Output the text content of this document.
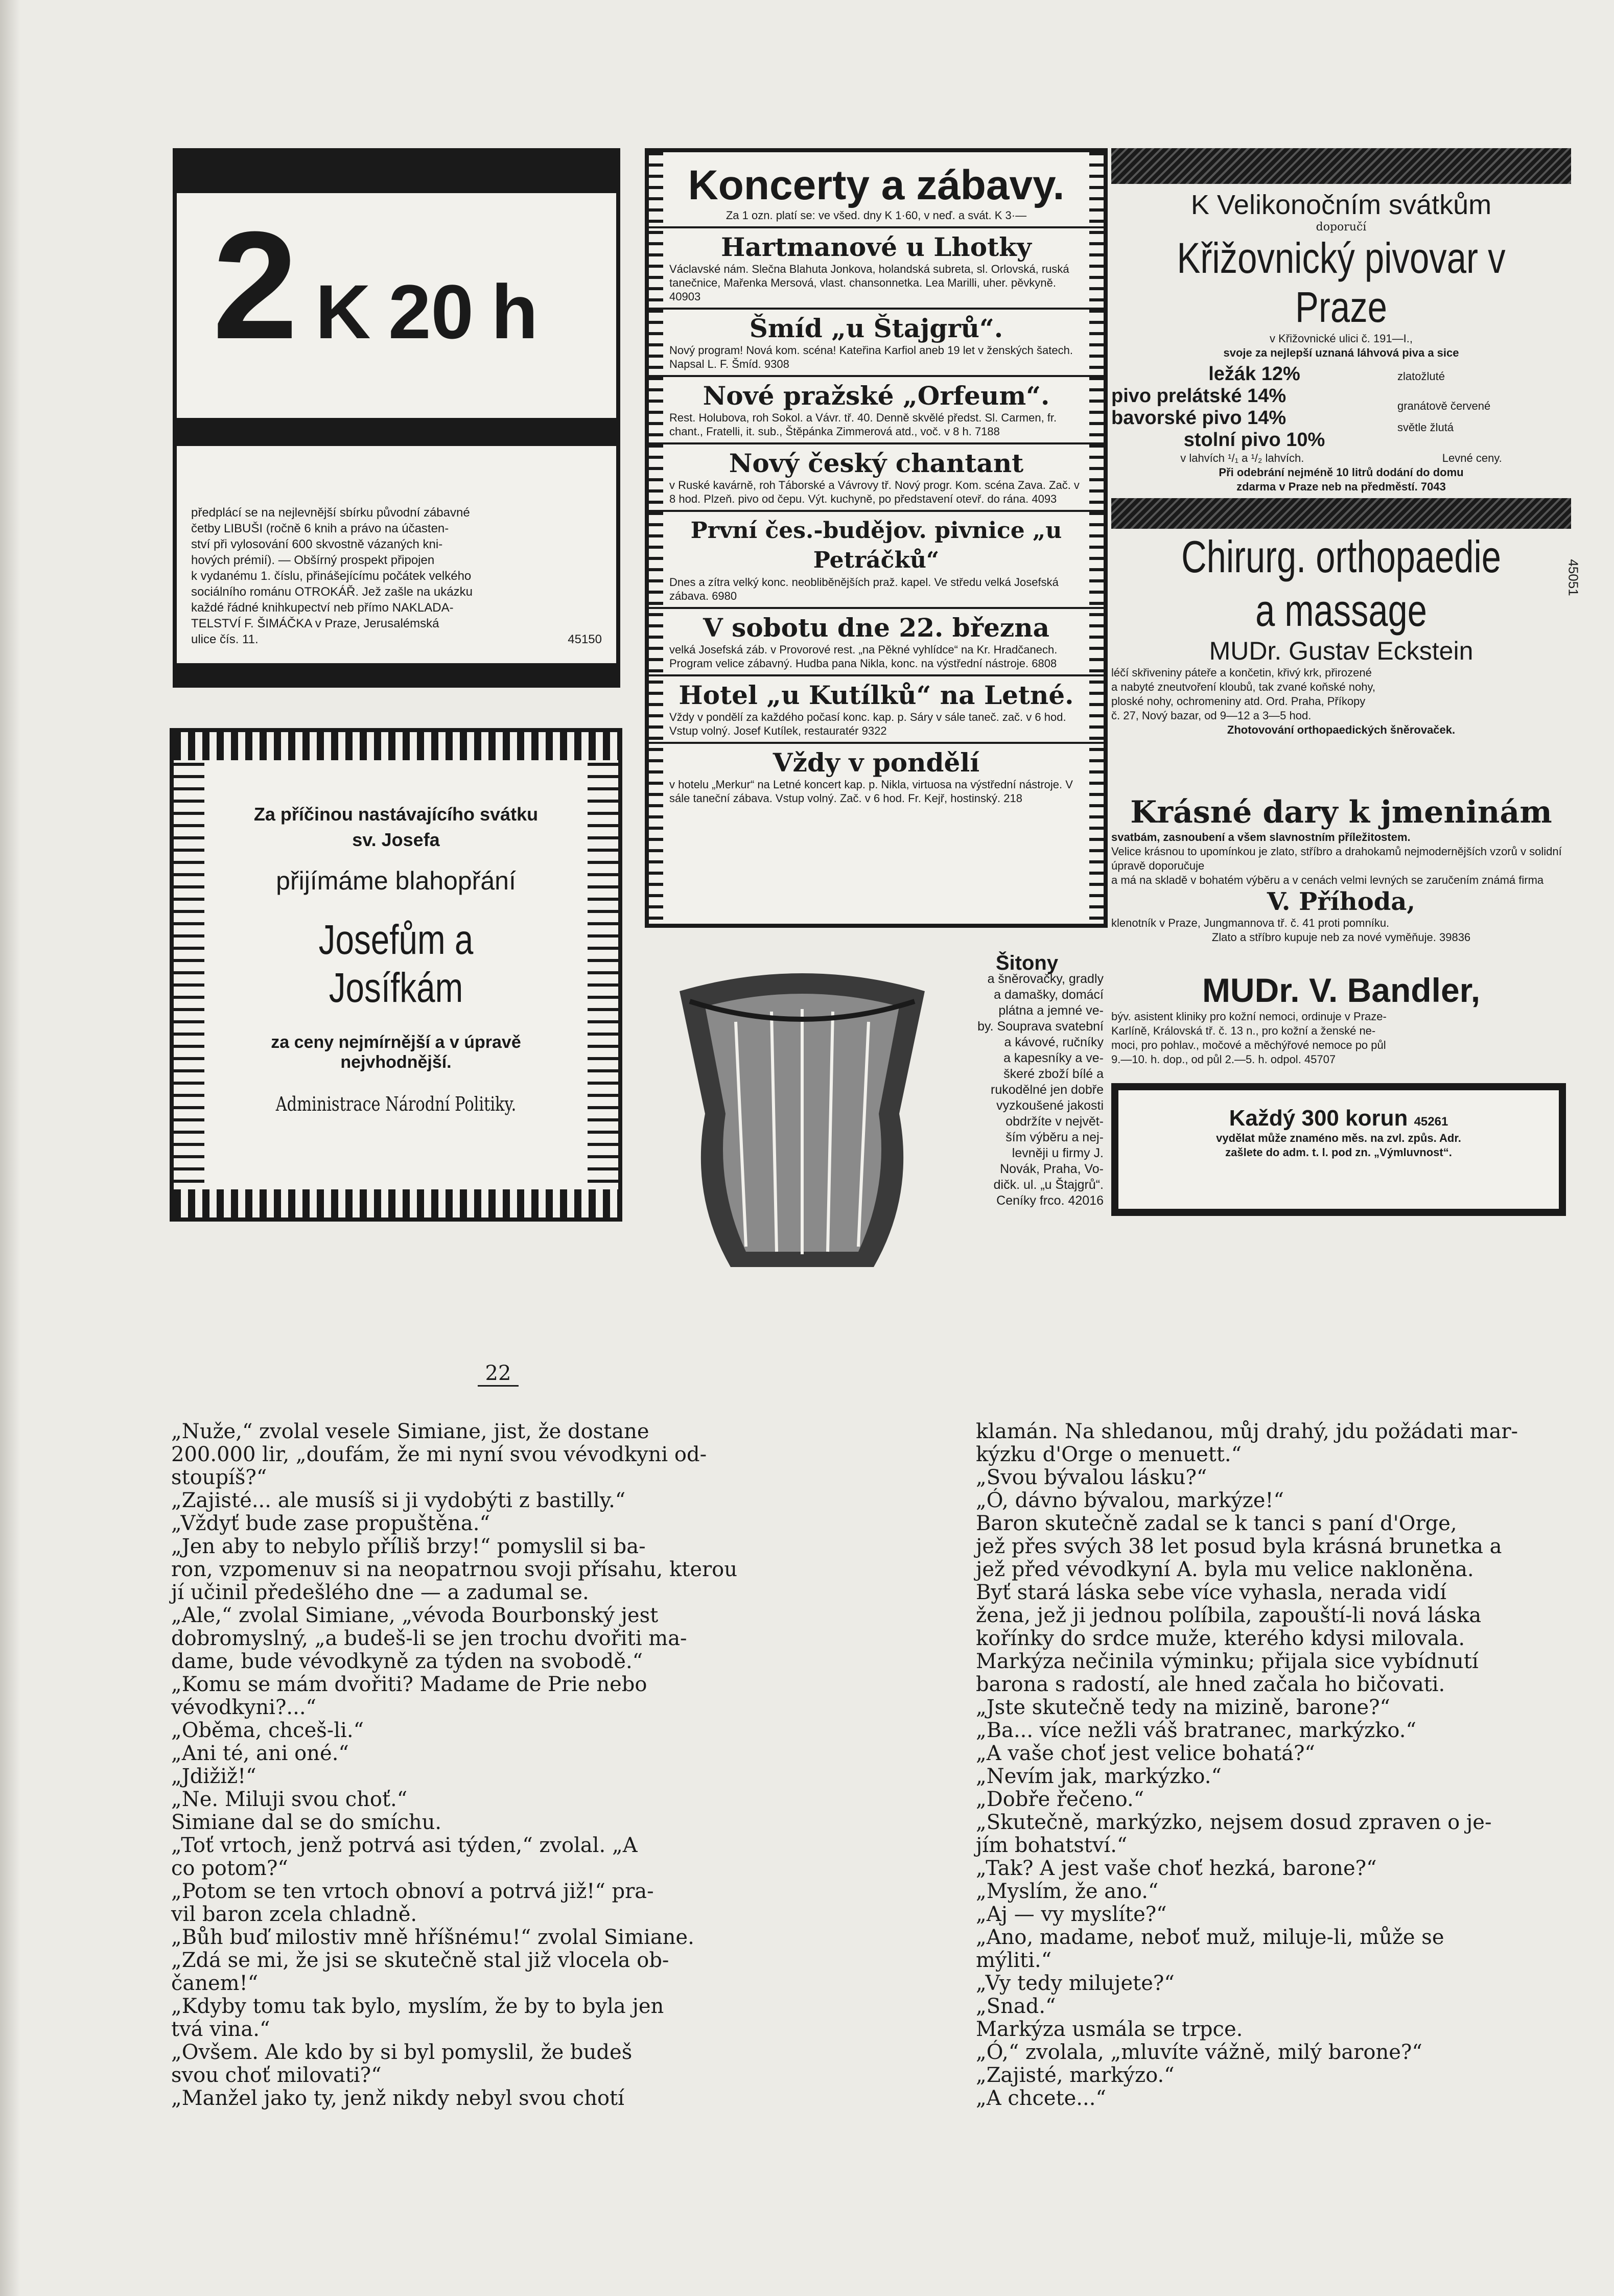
2 K 20 h

předplácí se na nejlevnější sbírku původní zábavné

četby LIBUŠI (ročně 6 knih a právo na účasten-

ství při vylosování 600 skvostně vázaných kni-

hových prémií). — Obšírný prospekt připojen

k vydanému 1. číslu, přinášejícímu počátek velkého

sociálního románu OTROKÁŘ. Jež zašle na ukázku

každé řádné knihkupectví neb přímo NAKLADA-

TELSTVÍ F. ŠIMÁČKA v Praze, Jerusalémská

ulice čís. 11.	45150

Za příčinou nastávajícího svátku

sv. Josefa

přijímáme blahopřání

Josefům a Josífkám

za ceny nejmírnější a v úpravě

nejvhodnější.

Administrace Národní Politiky.

Koncerty a zábavy.

Za 1 ozn. platí se: ve všed. dny K 1·60, v neď. a svát. K 3·—

Hartmanové u Lhotky

Václavské nám. Slečna Blahuta Jonkova, holandská subreta, sl. Orlovská, ruská tanečnice, Mařenka Mersová, vlast. chansonnetka. Lea Marilli, uher. pěvkyně. 40903

Šmíd „u Štajgrů“.

Nový program! Nová kom. scéna! Kateřina Karfiol aneb 19 let v ženských šatech. Napsal L. F. Šmíd. 9308

Nové pražské „Orfeum“.

Rest. Holubova, roh Sokol. a Vávr. tř. 40. Denně skvělé předst. Sl. Carmen, fr. chant., Fratelli, it. sub., Štěpánka Zimmerová atd., voč. v 8 h. 7188

Nový český chantant

v Ruské kavárně, roh Táborské a Vávrovy tř. Nový progr. Kom. scéna Zava. Zač. v 8 hod. Plzeň. pivo od čepu. Výt. kuchyně, po představení otevř. do rána. 4093

První čes.-budějov. pivnice „u Petráčků“

Dnes a zítra velký konc. neobliběnějších praž. kapel. Ve středu velká Josefská zábava. 6980

V sobotu dne 22. března

velká Josefská záb. v Provorové rest. „na Pěkné vyhlídce“ na Kr. Hradčanech. Program velice zábavný. Hudba pana Nikla, konc. na výstřední nástroje. 6808

Hotel „u Kutílků“ na Letné.

Vždy v pondělí za každého počasí konc. kap. p. Sáry v sále taneč. zač. v 6 hod. Vstup volný. Josef Kutílek, restauratér 9322

Vždy v pondělí

v hotelu „Merkur“ na Letné koncert kap. p. Nikla, virtuosa na výstřední nástroje. V sále taneční zábava. Vstup volný. Zač. v 6 hod. Fr. Kejř, hostinský. 218

Šitony

a šněrovačky, gradly

a damašky, domácí

plátna a jemné ve-

by. Souprava svatební

a kávové, ručníky

a kapesníky a ve-

škeré zboží bílé a

rukodělné jen dobře

vyzkoušené jakosti

obdržíte v největ-

ším výběru a nej-

levněji u firmy J.

Novák, Praha, Vo-

dičk. ul. „u Štajgrů“.

Ceníky frco. 42016

K Velikonočním svátkům

doporučí

Křižovnický pivovar v Praze

v Křižovnické ulici č. 191—I.,

svoje za nejlepší uznaná láhvová piva a sice

ležák 12%

pivo prelátské 14%

bavorské pivo 14%

stolní pivo 10%

zlatožluté

granátově červené

světle žlutá

v lahvích ¹/₁ a ¹/₂ lahvích.	Levné ceny.

Při odebrání nejméně 10 litrů dodání do domu

zdarma v Praze neb na předměstí. 7043

Chirurg. orthopaedie

a massage

MUDr. Gustav Eckstein

léčí skřiveniny páteře a končetin, křivý krk, přirozené

a nabyté zneutvoření kloubů, tak zvané koňské nohy,

ploské nohy, ochromeniny atd. Ord. Praha, Příkopy

č. 27, Nový bazar, od 9—12 a 3—5 hod.

Zhotovování orthopaedických šněrovaček.

45051

Krásné dary k jmeninám

svatbám, zasnoubení a všem slavnostním příležitostem.

Velice krásnou to upomínkou je zlato, stříbro a drahokamů nejmodernějších vzorů v solidní úpravě doporučuje

a má na skladě v bohatém výběru a v cenách velmi levných se zaručením známá firma

V. Příhoda,

klenotník v Praze, Jungmannova tř. č. 41 proti pomníku.

Zlato a stříbro kupuje neb za nové vyměňuje. 39836

MUDr. V. Bandler,

býv. asistent kliniky pro kožní nemoci, ordinuje v Praze-

Karlíně, Královská tř. č. 13 n., pro kožní a ženské ne-

moci, pro pohlav., močové a měchýřové nemoce po půl

9.—10. h. dop., od půl 2.—5. h. odpol. 45707

Každý 300 korun 45261

vydělat může znaméno měs. na zvl. způs. Adr.

zašlete do adm. t. l. pod zn. „Výmluvnost“.

22

„Nuže,“ zvolal vesele Simiane, jist, že dostane

200.000 lir, „doufám, že mi nyní svou vévodkyni od-

stoupíš?“

„Zajisté... ale musíš si ji vydobýti z bastilly.“

„Vždyť bude zase propuštěna.“

„Jen aby to nebylo příliš brzy!“ pomyslil si ba-

ron, vzpomenuv si na neopatrnou svoji přísahu, kterou

jí učinil předešlého dne — a zadumal se.

„Ale,“ zvolal Simiane, „vévoda Bourbonský jest

dobromyslný, „a budeš-li se jen trochu dvořiti ma-

dame, bude vévodkyně za týden na svobodě.“

„Komu se mám dvořiti? Madame de Prie nebo

vévodkyni?...“

„Oběma, chceš-li.“

„Ani té, ani oné.“

„Jdižiž!“

„Ne. Miluji svou choť.“

Simiane dal se do smíchu.

„Toť vrtoch, jenž potrvá asi týden,“ zvolal. „A

co potom?“

„Potom se ten vrtoch obnoví a potrvá již!“ pra-

vil baron zcela chladně.

„Bůh buď milostiv mně hříšnému!“ zvolal Simiane.

„Zdá se mi, že jsi se skutečně stal již vlocela ob-

čanem!“

„Kdyby tomu tak bylo, myslím, že by to byla jen

tvá vina.“

„Ovšem. Ale kdo by si byl pomyslil, že budeš

svou choť milovati?“

„Manžel jako ty, jenž nikdy nebyl svou chotí

klamán. Na shledanou, můj drahý, jdu požádati mar-

kýzku d'Orge o menuett.“

„Svou bývalou lásku?“

„Ó, dávno bývalou, markýze!“

Baron skutečně zadal se k tanci s paní d'Orge,

jež přes svých 38 let posud byla krásná brunetka a

jež před vévodkyní A. byla mu velice nakloněna.

Byť stará láska sebe více vyhasla, nerada vidí

žena, jež ji jednou políbila, zapouští-li nová láska

kořínky do srdce muže, kterého kdysi milovala.

Markýza nečinila výminku; přijala sice vybídnutí

barona s radostí, ale hned začala ho bičovati.

„Jste skutečně tedy na mizině, barone?“

„Ba... více nežli váš bratranec, markýzko.“

„A vaše choť jest velice bohatá?“

„Nevím jak, markýzko.“

„Dobře řečeno.“

„Skutečně, markýzko, nejsem dosud zpraven o je-

jím bohatství.“

„Tak? A jest vaše choť hezká, barone?“

„Myslím, že ano.“

„Aj — vy myslíte?“

„Ano, madame, neboť muž, miluje-li, může se

mýliti.“

„Vy tedy milujete?“

„Snad.“

Markýza usmála se trpce.

„Ó,“ zvolala, „mluvíte vážně, milý barone?“

„Zajisté, markýzo.“

„A chcete...“
